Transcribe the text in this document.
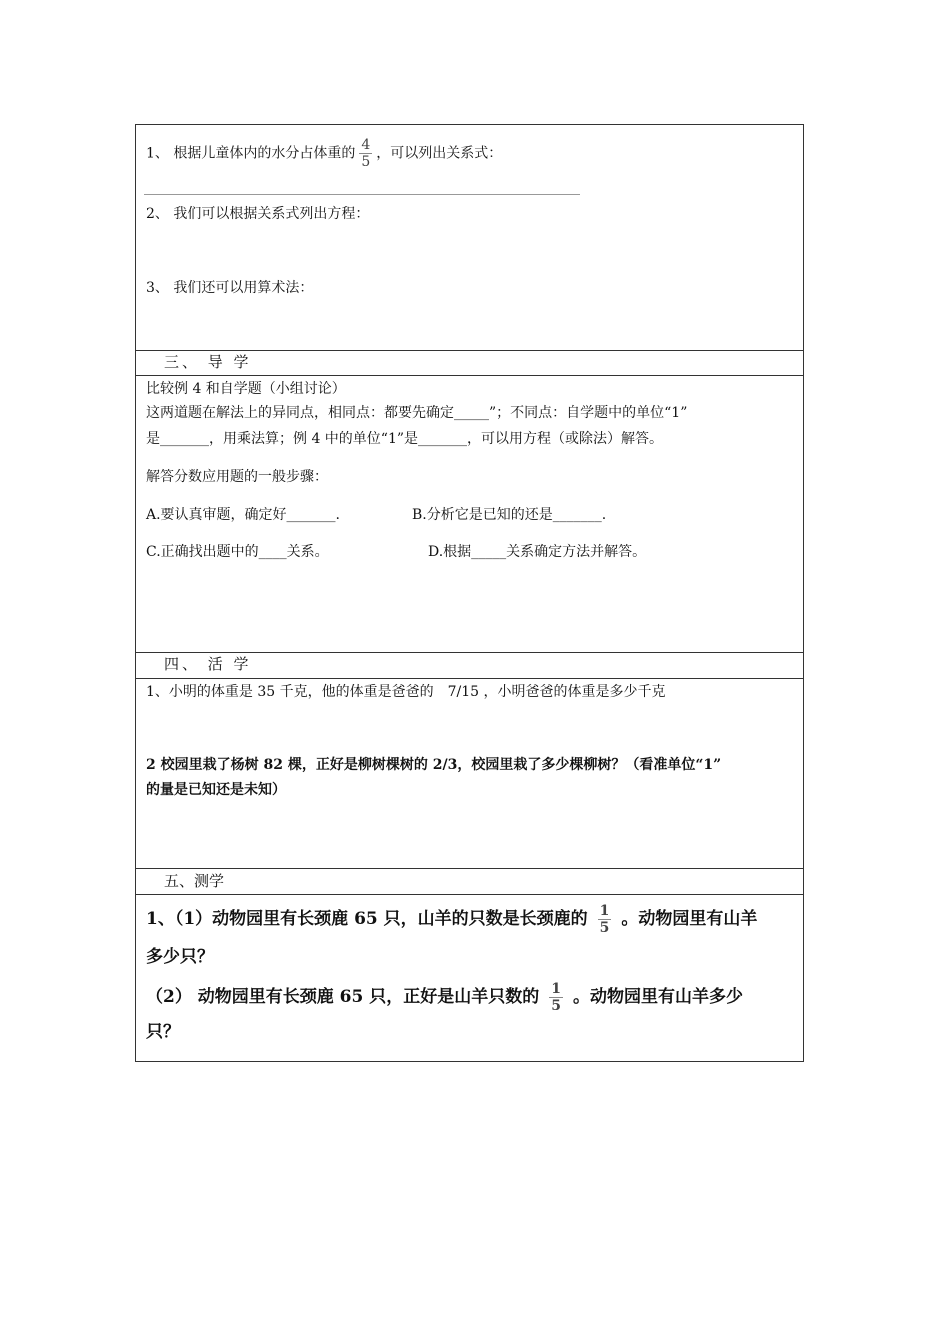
1、 根据儿童体内的水分占体重的 $\frac{4}{5}$ ，可以列出关系式：
2、 我们可以根据关系式列出方程：
3、 我们还可以用算术法：
三、 导 学
比较例 4 和自学题（小组讨论）
这两道题在解法上的异同点，相同点：都要先确定_____”；不同点：自学题中的单位“1”
是_______，用乘法算；例 4 中的单位“1”是_______，可以用方程（或除法）解答。
解答分数应用题的一般步骤：
A.要认真审题，确定好_______.	B.分析它是已知的还是_______.
C.正确找出题中的____关系。	D.根据_____关系确定方法并解答。
四、 活 学
1、小明的体重是 35 千克，他的体重是爸爸的　7/15 ，小明爸爸的体重是多少千克
2 校园里栽了杨树 82 棵，正好是柳树棵树的 2/3，校园里栽了多少棵柳树？（看准单位“1”
的量是已知还是未知）
五、测学
1、（1）动物园里有长颈鹿 65 只，山羊的只数是长颈鹿的 $\frac{1}{5}$ 。动物园里有山羊
多少只？
（2） 动物园里有长颈鹿 65 只，正好是山羊只数的 $\frac{1}{5}$ 。动物园里有山羊多少
只？
